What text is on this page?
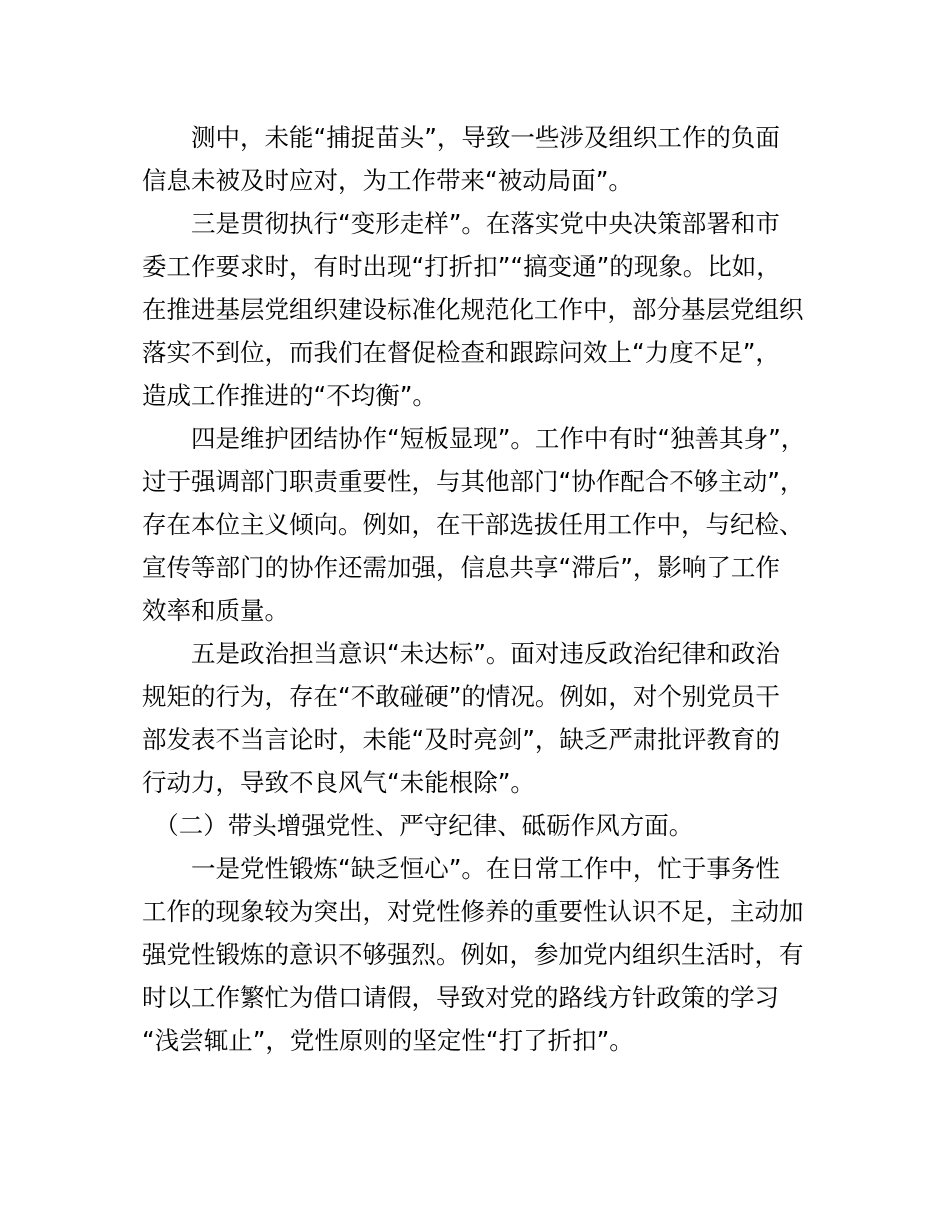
　　测中，未能“捕捉苗头”，导致一些涉及组织工作的负面
信息未被及时应对，为工作带来“被动局面”。
　　三是贯彻执行“变形走样”。在落实党中央决策部署和市
委工作要求时，有时出现“打折扣”“搞变通”的现象。比如，
在推进基层党组织建设标准化规范化工作中，部分基层党组织
落实不到位，而我们在督促检查和跟踪问效上“力度不足”，
造成工作推进的“不均衡”。
　　四是维护团结协作“短板显现”。工作中有时“独善其身”，
过于强调部门职责重要性，与其他部门“协作配合不够主动”，
存在本位主义倾向。例如，在干部选拔任用工作中，与纪检、
宣传等部门的协作还需加强，信息共享“滞后”，影响了工作
效率和质量。
　　五是政治担当意识“未达标”。面对违反政治纪律和政治
规矩的行为，存在“不敢碰硬”的情况。例如，对个别党员干
部发表不当言论时，未能“及时亮剑”，缺乏严肃批评教育的
行动力，导致不良风气“未能根除”。
　（二）带头增强党性、严守纪律、砥砺作风方面。
　　一是党性锻炼“缺乏恒心”。在日常工作中，忙于事务性
工作的现象较为突出，对党性修养的重要性认识不足，主动加
强党性锻炼的意识不够强烈。例如，参加党内组织生活时，有
时以工作繁忙为借口请假，导致对党的路线方针政策的学习
“浅尝辄止”，党性原则的坚定性“打了折扣”。
